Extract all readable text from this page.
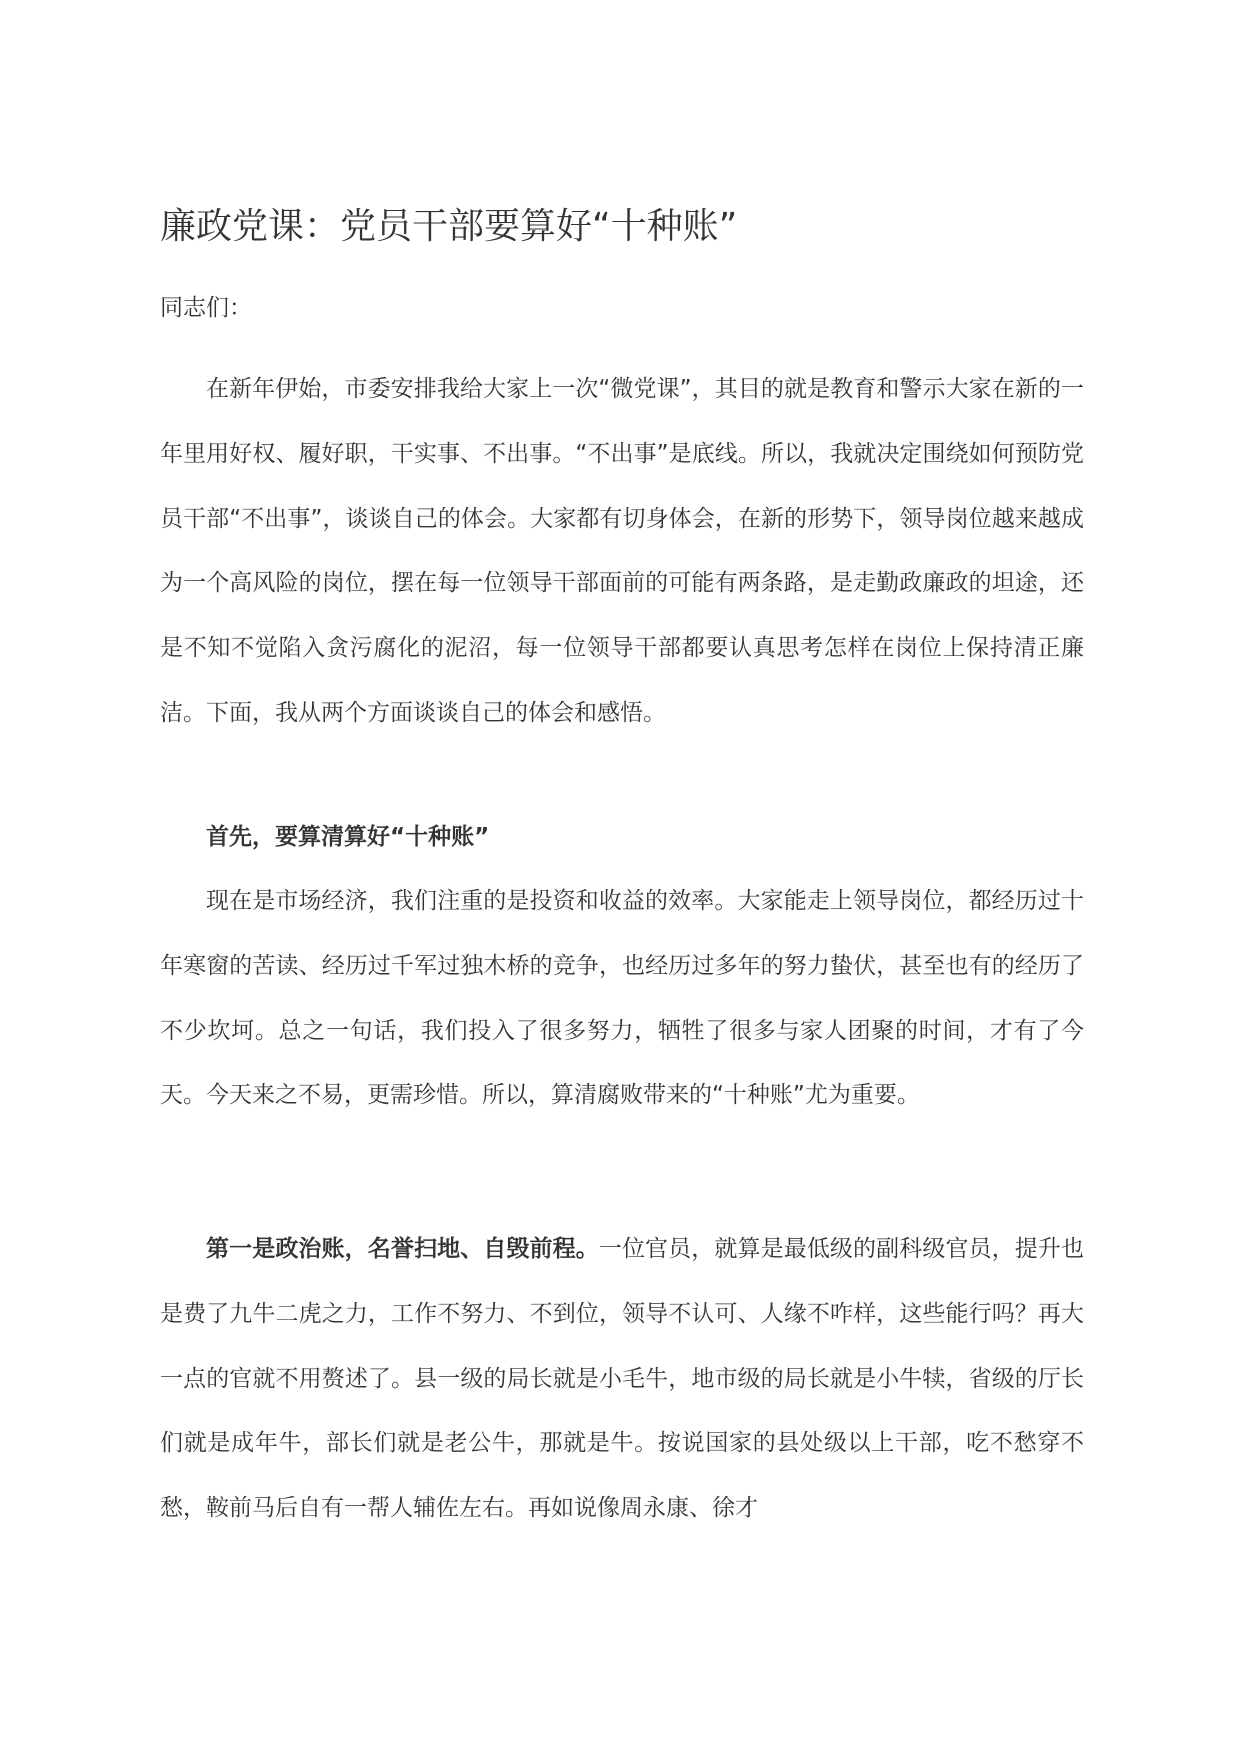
廉政党课：党员干部要算好“十种账”

同志们：

在新年伊始，市委安排我给大家上一次“微党课”，其目的就是教育和警示大家在新的一年里用好权、履好职，干实事、不出事。“不出事”是底线。所以，我就决定围绕如何预防党员干部“不出事”，谈谈自己的体会。大家都有切身体会，在新的形势下，领导岗位越来越成为一个高风险的岗位，摆在每一位领导干部面前的可能有两条路，是走勤政廉政的坦途，还是不知不觉陷入贪污腐化的泥沼，每一位领导干部都要认真思考怎样在岗位上保持清正廉洁。下面，我从两个方面谈谈自己的体会和感悟。

首先，要算清算好“十种账”

现在是市场经济，我们注重的是投资和收益的效率。大家能走上领导岗位，都经历过十年寒窗的苦读、经历过千军过独木桥的竞争，也经历过多年的努力蛰伏，甚至也有的经历了不少坎坷。总之一句话，我们投入了很多努力，牺牲了很多与家人团聚的时间，才有了今天。今天来之不易，更需珍惜。所以，算清腐败带来的“十种账”尤为重要。

第一是政治账，名誉扫地、自毁前程。一位官员，就算是最低级的副科级官员，提升也是费了九牛二虎之力，工作不努力、不到位，领导不认可、人缘不咋样，这些能行吗？再大一点的官就不用赘述了。县一级的局长就是小毛牛，地市级的局长就是小牛犊，省级的厅长们就是成年牛，部长们就是老公牛，那就是牛。按说国家的县处级以上干部，吃不愁穿不愁，鞍前马后自有一帮人辅佐左右。再如说像周永康、徐才
